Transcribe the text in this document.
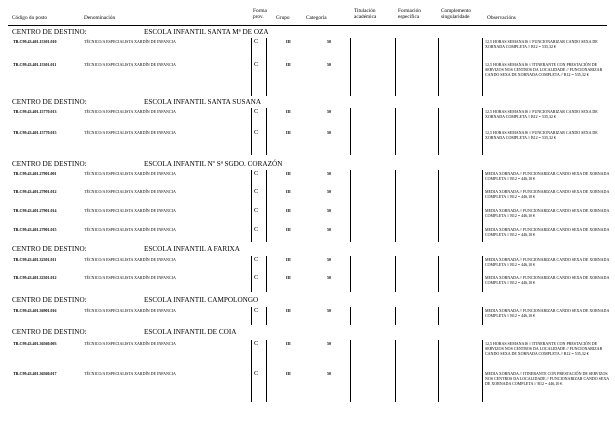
Código do posto	Denominación
Forma
prov.	Grupo	Categoría
Titulación
académica
Formación
específica
Complemento
singularidade	Observacións
CENTRO DE DESTINO:	ESCOLA INFANTIL SANTA Mª DE OZA
TR.C99.43.401.15301.010	TÉCNICO/A ESPECIALISTA XARDÍN DE INFANCIA	C	III	50	12,5 HORAS SEMANAIS // FUNCIONARIZAR CANDO SEXA DE XORNADA COMPLETA // B12 = 535,32 €
TR.C99.43.401.15301.011	TÉCNICO/A ESPECIALISTA XARDÍN DE INFANCIA	C	III	50	12,5 HORAS SEMANAIS // ITINERANTE CON PRESTACIÓN DE SERVIZOS NOS CENTROS DA LOCALIDADE // FUNCIONARIZAR CANDO SEXA DE XORNADA COMPLETA // B12 = 535,32 €
CENTRO DE DESTINO:	ESCOLA INFANTIL SANTA SUSANA
TR.C99.43.401.15770.013	TÉCNICO/A ESPECIALISTA XARDÍN DE INFANCIA	C	III	50	12,5 HORAS SEMANAIS // FUNCIONARIZAR CANDO SEXA DE XORNADA COMPLETA // B12 = 535,32 €
TR.C99.43.401.15770.015	TÉCNICO/A ESPECIALISTA XARDÍN DE INFANCIA	C	III	50	12,5 HORAS SEMANAIS // FUNCIONARIZAR CANDO SEXA DE XORNADA COMPLETA // B12 = 535,32 €
CENTRO DE DESTINO:	ESCOLA INFANTIL Nº Sª SGDO. CORAZÓN
TR.C99.43.401.27901.001	TÉCNICO/A ESPECIALISTA XARDÍN DE INFANCIA	C	III	50	MEDIA XORNADA // FUNCIONARIZAR CANDO SEXA DE XORNADA COMPLETA // B12 = 446,10 €
TR.C99.43.401.27901.012	TÉCNICO/A ESPECIALISTA XARDÍN DE INFANCIA	C	III	50	MEDIA XORNADA // FUNCIONARIZAR CANDO SEXA DE XORNADA COMPLETA // B12 = 446,10 €
TR.C99.43.401.27901.014	TÉCNICO/A ESPECIALISTA XARDÍN DE INFANCIA	C	III	50	MEDIA XORNADA // FUNCIONARIZAR CANDO SEXA DE XORNADA COMPLETA // B12 = 446,10 €
TR.C99.43.401.27901.015	TÉCNICO/A ESPECIALISTA XARDÍN DE INFANCIA	C	III	50	MEDIA XORNADA // FUNCIONARIZAR CANDO SEXA DE XORNADA COMPLETA // B12 = 446,10 €
CENTRO DE DESTINO:	ESCOLA INFANTIL A FARIXA
TR.C99.43.401.32301.011	TÉCNICO/A ESPECIALISTA XARDÍN DE INFANCIA	C	III	50	MEDIA XORNADA // FUNCIONARIZAR CANDO SEXA DE XORNADA COMPLETA // B12 = 446,10 €
TR.C99.43.401.32301.012	TÉCNICO/A ESPECIALISTA XARDÍN DE INFANCIA	C	III	50	MEDIA XORNADA // FUNCIONARIZAR CANDO SEXA DE XORNADA COMPLETA // B12 = 446,10 €
CENTRO DE DESTINO:	ESCOLA INFANTIL CAMPOLONGO
TR.C99.43.401.36901.016	TÉCNICO/A ESPECIALISTA XARDÍN DE INFANCIA	C	III	50	MEDIA XORNADA // FUNCIONARIZAR CANDO SEXA DE XORNADA COMPLETA // B12 = 446,10 €
CENTRO DE DESTINO:	ESCOLA INFANTIL DE COIA
TR.C99.43.401.36560.003	TÉCNICO/A ESPECIALISTA XARDÍN DE INFANCIA	C	III	50	12,5 HORAS SEMANAIS // ITINERANTE CON PRESTACIÓN DE SERVIZOS NOS CENTROS DA LOCALIDADE // FUNCIONARIZAR CANDO SEXA DE XORNADA COMPLETA // B12 = 535,32 €
TR.C99.43.401.36560.017	TÉCNICO/A ESPECIALISTA XARDÍN DE INFANCIA	C	III	50	MEDIA XORNADA // ITINERANTE CON PRESTACIÓN DE SERVIZOS NOS CENTROS DA LOCALIDADE // FUNCIONARIZAR CANDO SEXA DE XORNADA COMPLETA // B12 = 446,10 €
